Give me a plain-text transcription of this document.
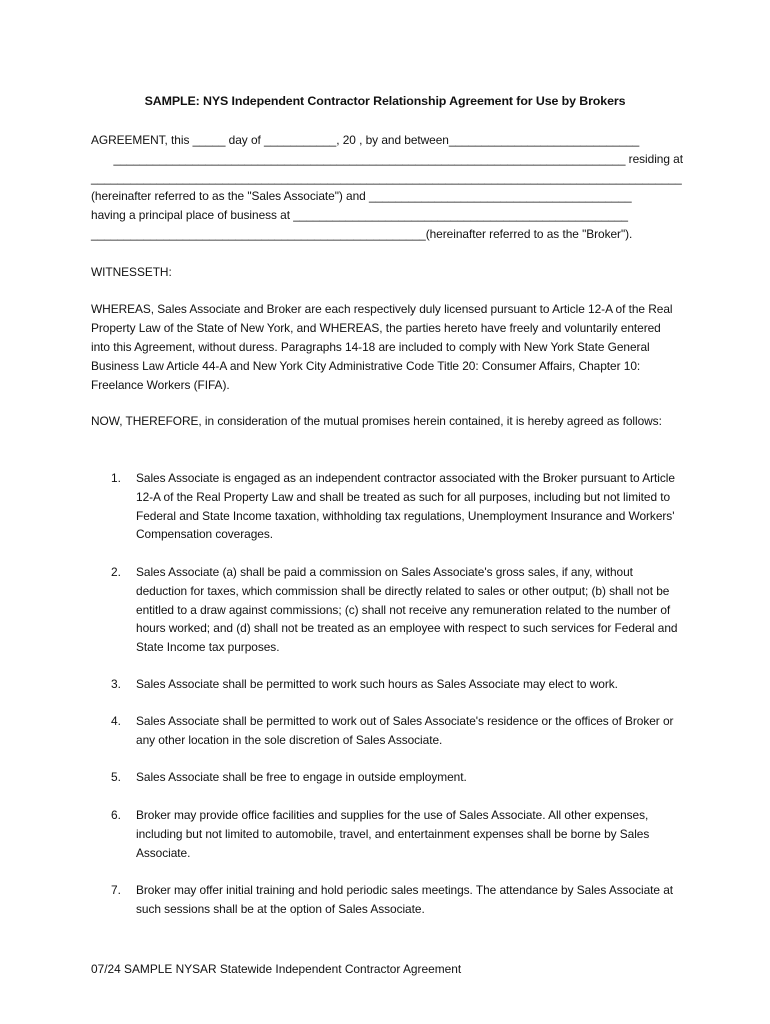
SAMPLE: NYS Independent Contractor Relationship Agreement for Use by Brokers
AGREEMENT, this _____ day of ___________, 20 , by and between_____________________________
______________________________________________________________________________ residing at
__________________________________________________________________________________________
(hereinafter referred to as the "Sales Associate") and ________________________________________
having a principal place of business at ___________________________________________________
___________________________________________________(hereinafter referred to as the "Broker").
WITNESSETH:
WHEREAS, Sales Associate and Broker are each respectively duly licensed pursuant to Article 12-A of the Real Property Law of the State of New York, and WHEREAS, the parties hereto have freely and voluntarily entered into this Agreement, without duress. Paragraphs 14-18 are included to comply with New York State General Business Law Article 44-A and New York City Administrative Code Title 20: Consumer Affairs, Chapter 10: Freelance Workers (FIFA).
NOW, THEREFORE, in consideration of the mutual promises herein contained, it is hereby agreed as follows:
1.	Sales Associate is engaged as an independent contractor associated with the Broker pursuant to Article 12-A of the Real Property Law and shall be treated as such for all purposes, including but not limited to Federal and State Income taxation, withholding tax regulations, Unemployment Insurance and Workers' Compensation coverages.
2.	Sales Associate (a) shall be paid a commission on Sales Associate's gross sales, if any, without deduction for taxes, which commission shall be directly related to sales or other output; (b) shall not be entitled to a draw against commissions; (c) shall not receive any remuneration related to the number of hours worked; and (d) shall not be treated as an employee with respect to such services for Federal and State Income tax purposes.
3.	Sales Associate shall be permitted to work such hours as Sales Associate may elect to work.
4.	Sales Associate shall be permitted to work out of Sales Associate's residence or the offices of Broker or any other location in the sole discretion of Sales Associate.
5.	Sales Associate shall be free to engage in outside employment.
6.	Broker may provide office facilities and supplies for the use of Sales Associate. All other expenses, including but not limited to automobile, travel, and entertainment expenses shall be borne by Sales Associate.
7.	Broker may offer initial training and hold periodic sales meetings. The attendance by Sales Associate at such sessions shall be at the option of Sales Associate.
07/24 SAMPLE NYSAR Statewide Independent Contractor Agreement
